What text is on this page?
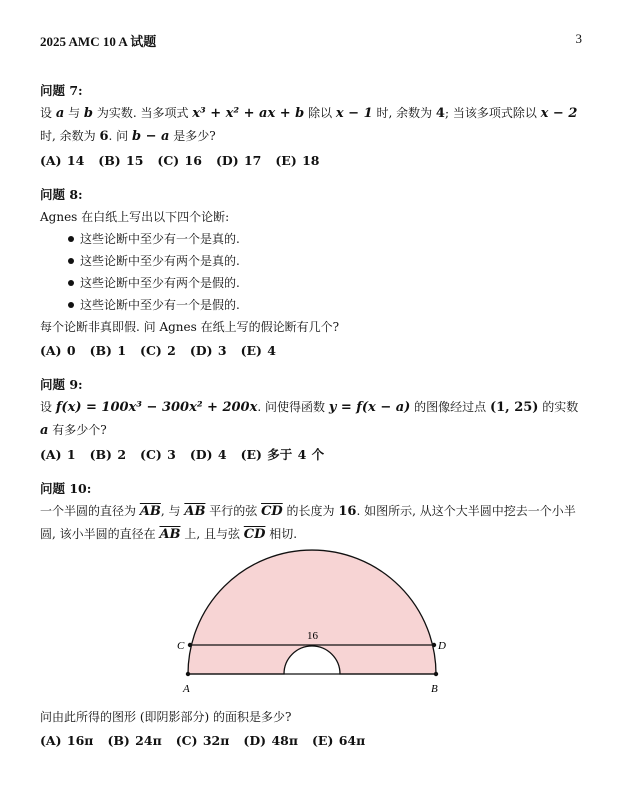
2025 AMC 10 A 试题	3
问题 7:
设 a 与 b 为实数. 当多项式 x³ + x² + ax + b 除以 x − 1 时, 余数为 4; 当该多项式除以 x − 2 时, 余数为 6. 问 b − a 是多少?
(A) 14 (B) 15 (C) 16 (D) 17 (E) 18
问题 8:
Agnes 在白纸上写出以下四个论断:
这些论断中至少有一个是真的.
这些论断中至少有两个是真的.
这些论断中至少有两个是假的.
这些论断中至少有一个是假的.
每个论断非真即假. 问 Agnes 在纸上写的假论断有几个?
(A) 0 (B) 1 (C) 2 (D) 3 (E) 4
问题 9:
设 f(x) = 100x³ − 300x² + 200x. 问使得函数 y = f(x − a) 的图像经过点 (1, 25) 的实数 a 有多少个?
(A) 1 (B) 2 (C) 3 (D) 4 (E) 多于 4 个
问题 10:
一个半圆的直径为 $\overline{AB}$, 与 $\overline{AB}$ 平行的弦 $\overline{CD}$ 的长度为 16. 如图所示, 从这个大半圆中挖去一个小半圆, 该小半圆的直径在 $\overline{AB}$ 上, 且与弦 $\overline{CD}$ 相切.
C	D
A	B
16
问由此所得的图形 (即阴影部分) 的面积是多少?
(A) 16π (B) 24π (C) 32π (D) 48π (E) 64π
